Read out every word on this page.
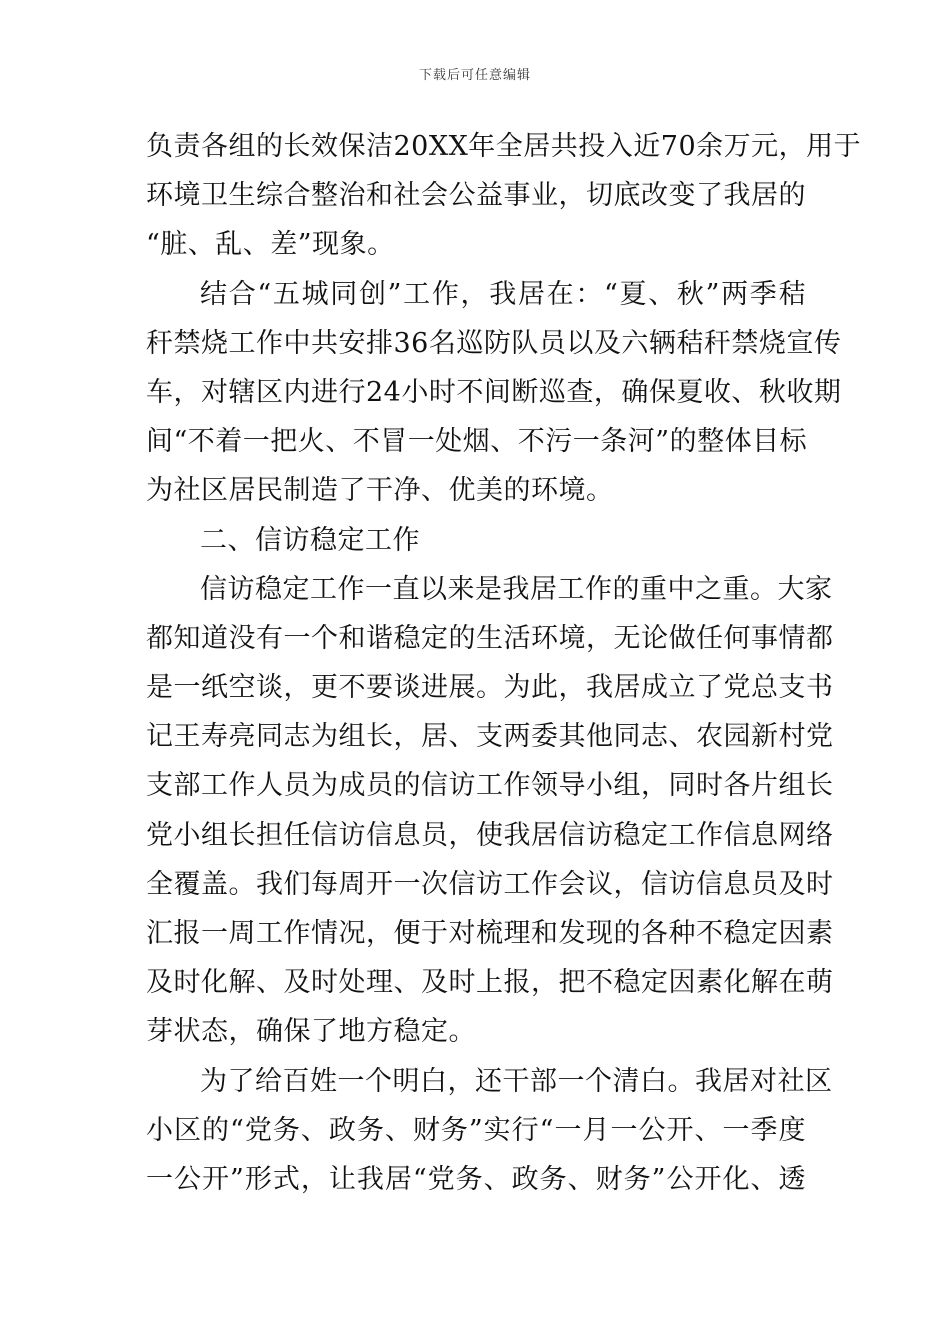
下载后可任意编辑
负责各组的长效保洁20XX年全居共投入近70余万元，用于
环境卫生综合整治和社会公益事业，切底改变了我居的
“脏、乱、差”现象。
结合“五城同创”工作，我居在：“夏、秋”两季秸
秆禁烧工作中共安排36名巡防队员以及六辆秸秆禁烧宣传
车，对辖区内进行24小时不间断巡查，确保夏收、秋收期
间“不着一把火、不冒一处烟、不污一条河”的整体目标
为社区居民制造了干净、优美的环境。
二、信访稳定工作
信访稳定工作一直以来是我居工作的重中之重。大家
都知道没有一个和谐稳定的生活环境，无论做任何事情都
是一纸空谈，更不要谈进展。为此，我居成立了党总支书
记王寿亮同志为组长，居、支两委其他同志、农园新村党
支部工作人员为成员的信访工作领导小组，同时各片组长
党小组长担任信访信息员，使我居信访稳定工作信息网络
全覆盖。我们每周开一次信访工作会议，信访信息员及时
汇报一周工作情况，便于对梳理和发现的各种不稳定因素
及时化解、及时处理、及时上报，把不稳定因素化解在萌
芽状态，确保了地方稳定。
为了给百姓一个明白，还干部一个清白。我居对社区
小区的“党务、政务、财务”实行“一月一公开、一季度
一公开”形式，让我居“党务、政务、财务”公开化、透
